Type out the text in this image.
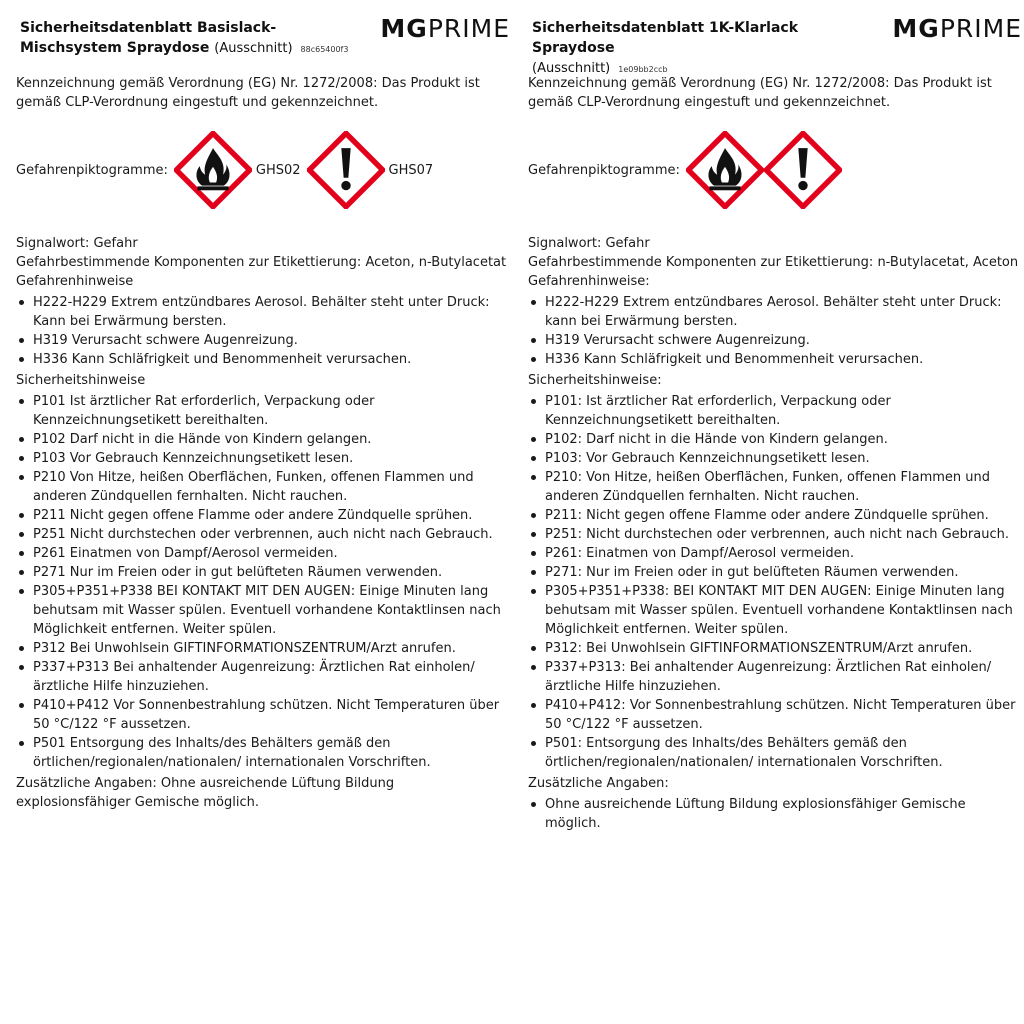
Sicherheitsdatenblatt Basislack-Mischsystem Spraydose (Ausschnitt) 88c65400f3
MGPRIME

Kennzeichnung gemäß Verordnung (EG) Nr. 1272/2008: Das Produkt ist gemäß CLP-Verordnung eingestuft und gekennzeichnet.

Gefahrenpiktogramme:	GHS02	GHS07

Signalwort: Gefahr

Gefahrbestimmende Komponenten zur Etikettierung: Aceton, n-Butylacetat

Gefahrenhinweise

H222-H229 Extrem entzündbares Aerosol. Behälter steht unter Druck: Kann bei Erwärmung bersten.
H319 Verursacht schwere Augenreizung.
H336 Kann Schläfrigkeit und Benommenheit verursachen.

Sicherheitshinweise

P101 Ist ärztlicher Rat erforderlich, Verpackung oder Kennzeichnungsetikett bereithalten.
P102 Darf nicht in die Hände von Kindern gelangen.
P103 Vor Gebrauch Kennzeichnungsetikett lesen.
P210 Von Hitze, heißen Oberflächen, Funken, offenen Flammen und anderen Zündquellen fernhalten. Nicht rauchen.
P211 Nicht gegen offene Flamme oder andere Zündquelle sprühen.
P251 Nicht durchstechen oder verbrennen, auch nicht nach Gebrauch.
P261 Einatmen von Dampf/Aerosol vermeiden.
P271 Nur im Freien oder in gut belüfteten Räumen verwenden.
P305+P351+P338 BEI KONTAKT MIT DEN AUGEN: Einige Minuten lang behutsam mit Wasser spülen. Eventuell vorhandene Kontaktlinsen nach Möglichkeit entfernen. Weiter spülen.
P312 Bei Unwohlsein GIFTINFORMATIONSZENTRUM/Arzt anrufen.
P337+P313 Bei anhaltender Augenreizung: Ärztlichen Rat einholen/ärztliche Hilfe hinzuziehen.
P410+P412 Vor Sonnenbestrahlung schützen. Nicht Temperaturen über 50 °C/122 °F aussetzen.
P501 Entsorgung des Inhalts/des Behälters gemäß den örtlichen/regionalen/nationalen/ internationalen Vorschriften.

Zusätzliche Angaben: Ohne ausreichende Lüftung Bildung explosionsfähiger Gemische möglich.

Sicherheitsdatenblatt 1K-Klarlack Spraydose
(Ausschnitt) 1e09bb2ccb
MGPRIME

Kennzeichnung gemäß Verordnung (EG) Nr. 1272/2008: Das Produkt ist gemäß CLP-Verordnung eingestuft und gekennzeichnet.

Gefahrenpiktogramme:

Signalwort: Gefahr

Gefahrbestimmende Komponenten zur Etikettierung: n-Butylacetat, Aceton

Gefahrenhinweise:

H222-H229 Extrem entzündbares Aerosol. Behälter steht unter Druck: kann bei Erwärmung bersten.
H319 Verursacht schwere Augenreizung.
H336 Kann Schläfrigkeit und Benommenheit verursachen.

Sicherheitshinweise:

P101: Ist ärztlicher Rat erforderlich, Verpackung oder Kennzeichnungsetikett bereithalten.
P102: Darf nicht in die Hände von Kindern gelangen.
P103: Vor Gebrauch Kennzeichnungsetikett lesen.
P210: Von Hitze, heißen Oberflächen, Funken, offenen Flammen und anderen Zündquellen fernhalten. Nicht rauchen.
P211: Nicht gegen offene Flamme oder andere Zündquelle sprühen.
P251: Nicht durchstechen oder verbrennen, auch nicht nach Gebrauch.
P261: Einatmen von Dampf/Aerosol vermeiden.
P271: Nur im Freien oder in gut belüfteten Räumen verwenden.
P305+P351+P338: BEI KONTAKT MIT DEN AUGEN: Einige Minuten lang behutsam mit Wasser spülen. Eventuell vorhandene Kontaktlinsen nach Möglichkeit entfernen. Weiter spülen.
P312: Bei Unwohlsein GIFTINFORMATIONSZENTRUM/Arzt anrufen.
P337+P313: Bei anhaltender Augenreizung: Ärztlichen Rat einholen/ärztliche Hilfe hinzuziehen.
P410+P412: Vor Sonnenbestrahlung schützen. Nicht Temperaturen über 50 °C/122 °F aussetzen.
P501: Entsorgung des Inhalts/des Behälters gemäß den örtlichen/regionalen/nationalen/ internationalen Vorschriften.

Zusätzliche Angaben:

Ohne ausreichende Lüftung Bildung explosionsfähiger Gemische möglich.
